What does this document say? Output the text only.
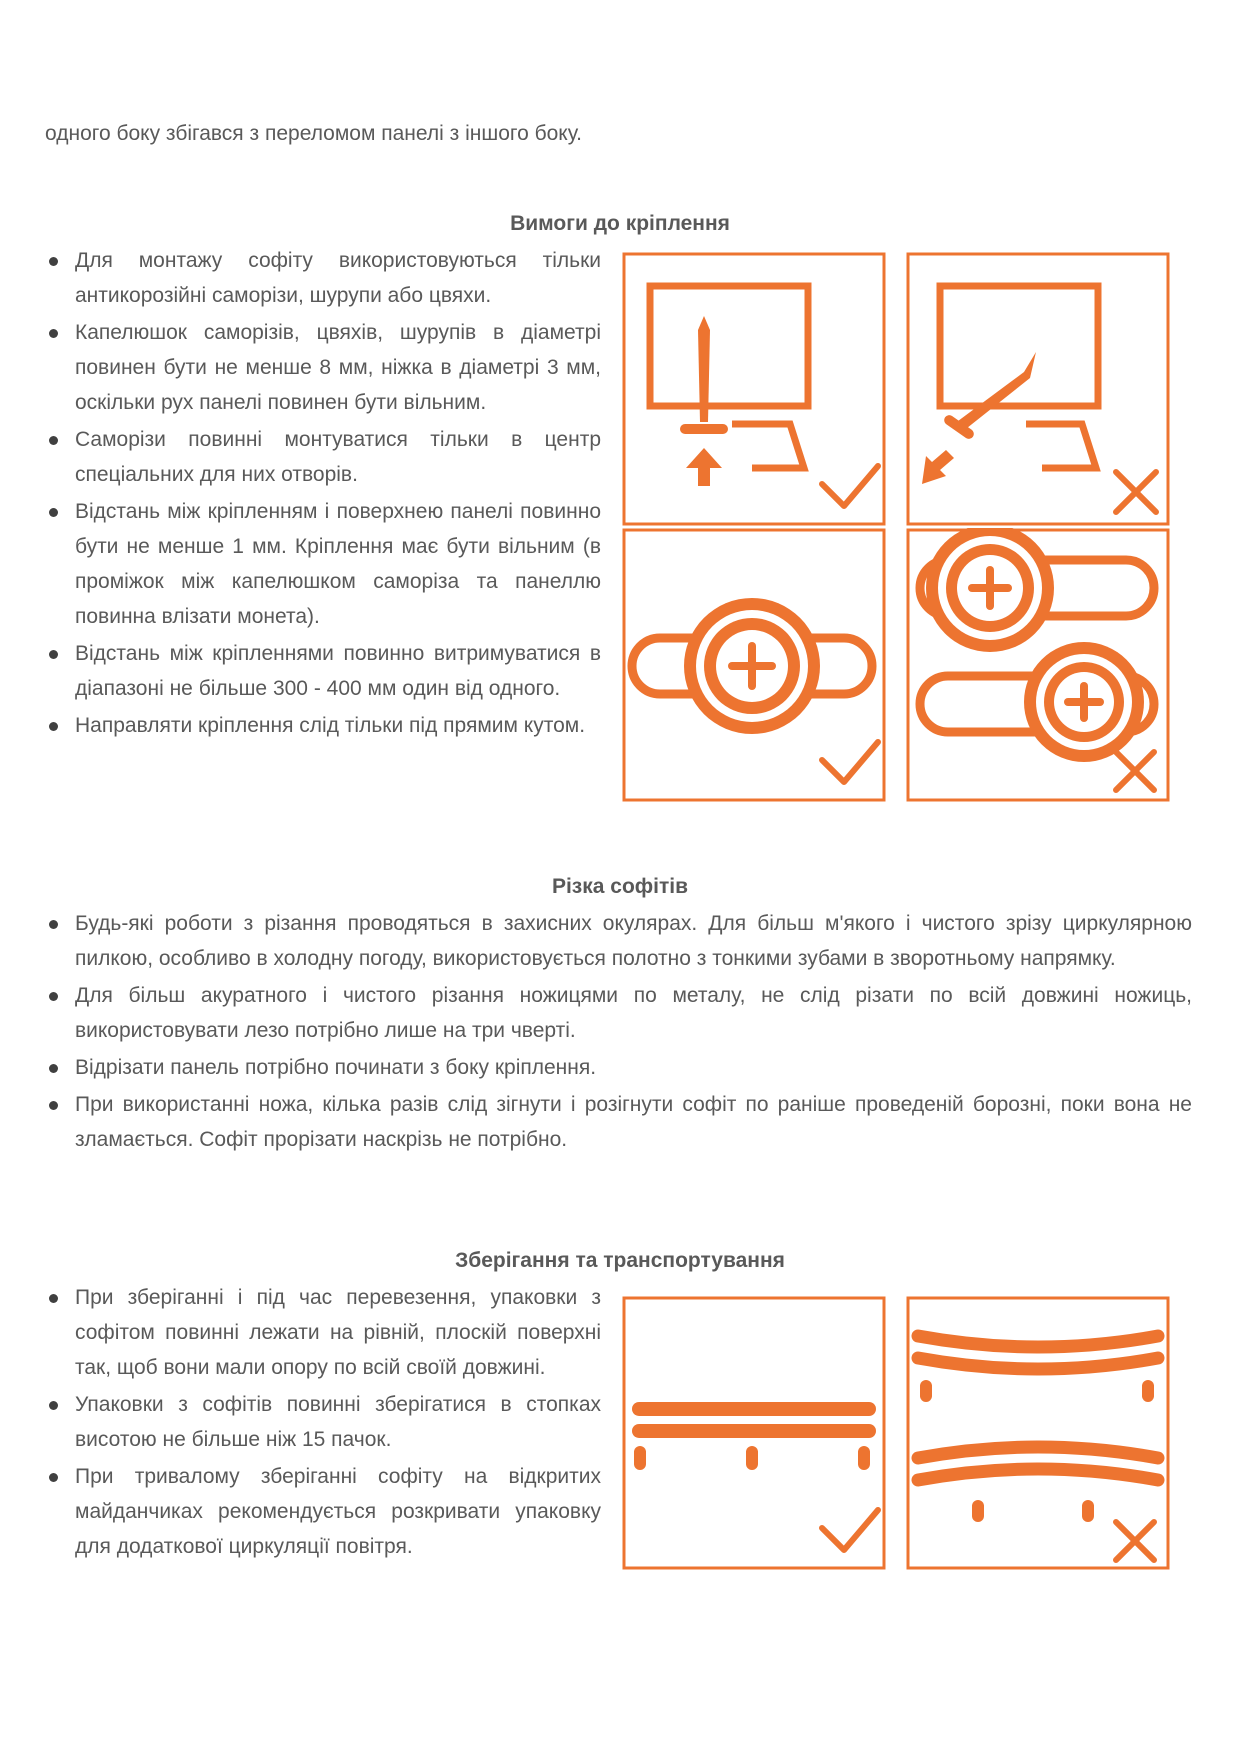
одного боку збігався з переломом панелі з іншого боку.
Вимоги до кріплення
Для монтажу софіту використовуються тільки антикорозійні саморізи, шурупи або цвяхи.
Капелюшок саморізів, цвяхів, шурупів в діаметрі повинен бути не менше 8 мм, ніжка в діаметрі 3 мм, оскільки рух панелі повинен бути вільним.
Саморізи повинні монтуватися тільки в центр спеціальних для них отворів.
Відстань між кріпленням і поверхнею панелі повинно бути не менше 1 мм. Кріплення має бути вільним (в проміжок між капелюшком самоpiза та панеллю повинна влізати монета).
Відстань між кріпленнями повинно витримуватися в діапазоні не більше 300 - 400 мм один від одного.
Направляти кріплення слід тільки під прямим кутом.
Різка софітів
Будь-які роботи з різання проводяться в захисних окулярах. Для більш м'якого і чистого зрізу циркулярною пилкою, особливо в холодну погоду, використовується полотно з тонкими зубами в зворотньому напрямку.
Для більш акуратного і чистого різання ножицями по металу, не слід різати по всій довжині ножиць, використовувати лезо потрібно лише на три чверті.
Відрізати панель потрібно починати з боку кріплення.
При використанні ножа, кілька разів слід зігнути і розігнути софіт по раніше проведеній борозні, поки вона не зламається. Софіт прорізати наскрізь не потрібно.
Зберігання та транспортування
При зберіганні і під час перевезення, упаковки з софітом повинні лежати на рівній, плоскій поверхні так, щоб вони мали опору по всій своїй довжині.
Упаковки з софітів повинні зберігатися в стопках висотою не більше ніж 15 пачок.
При тривалому зберіганні софіту на відкритих майданчиках рекомендується розкривати упаковку для додаткової циркуляції повітря.
